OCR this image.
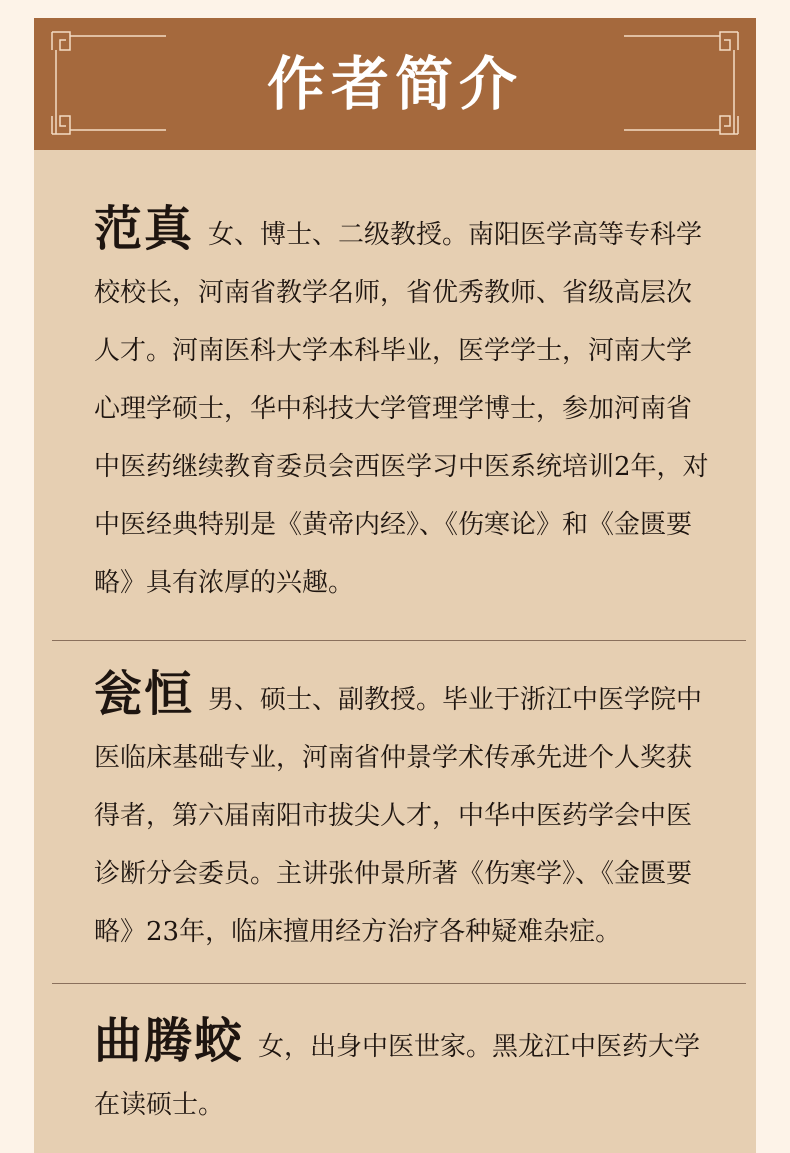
作者简介

范真 女、博士、二级教授。南阳医学高等专科学校校长，河南省教学名师，省优秀教师、省级高层次人才。河南医科大学本科毕业，医学学士，河南大学心理学硕士，华中科技大学管理学博士，参加河南省中医药继续教育委员会西医学习中医系统培训2年，对中医经典特别是《黄帝内经》、《伤寒论》和《金匮要略》具有浓厚的兴趣。

瓮恒 男、硕士、副教授。毕业于浙江中医学院中医临床基础专业，河南省仲景学术传承先进个人奖获得者，第六届南阳市拔尖人才，中华中医药学会中医诊断分会委员。主讲张仲景所著《伤寒学》、《金匮要略》23年，临床擅用经方治疗各种疑难杂症。

曲腾蛟 女，出身中医世家。黑龙江中医药大学在读硕士。
